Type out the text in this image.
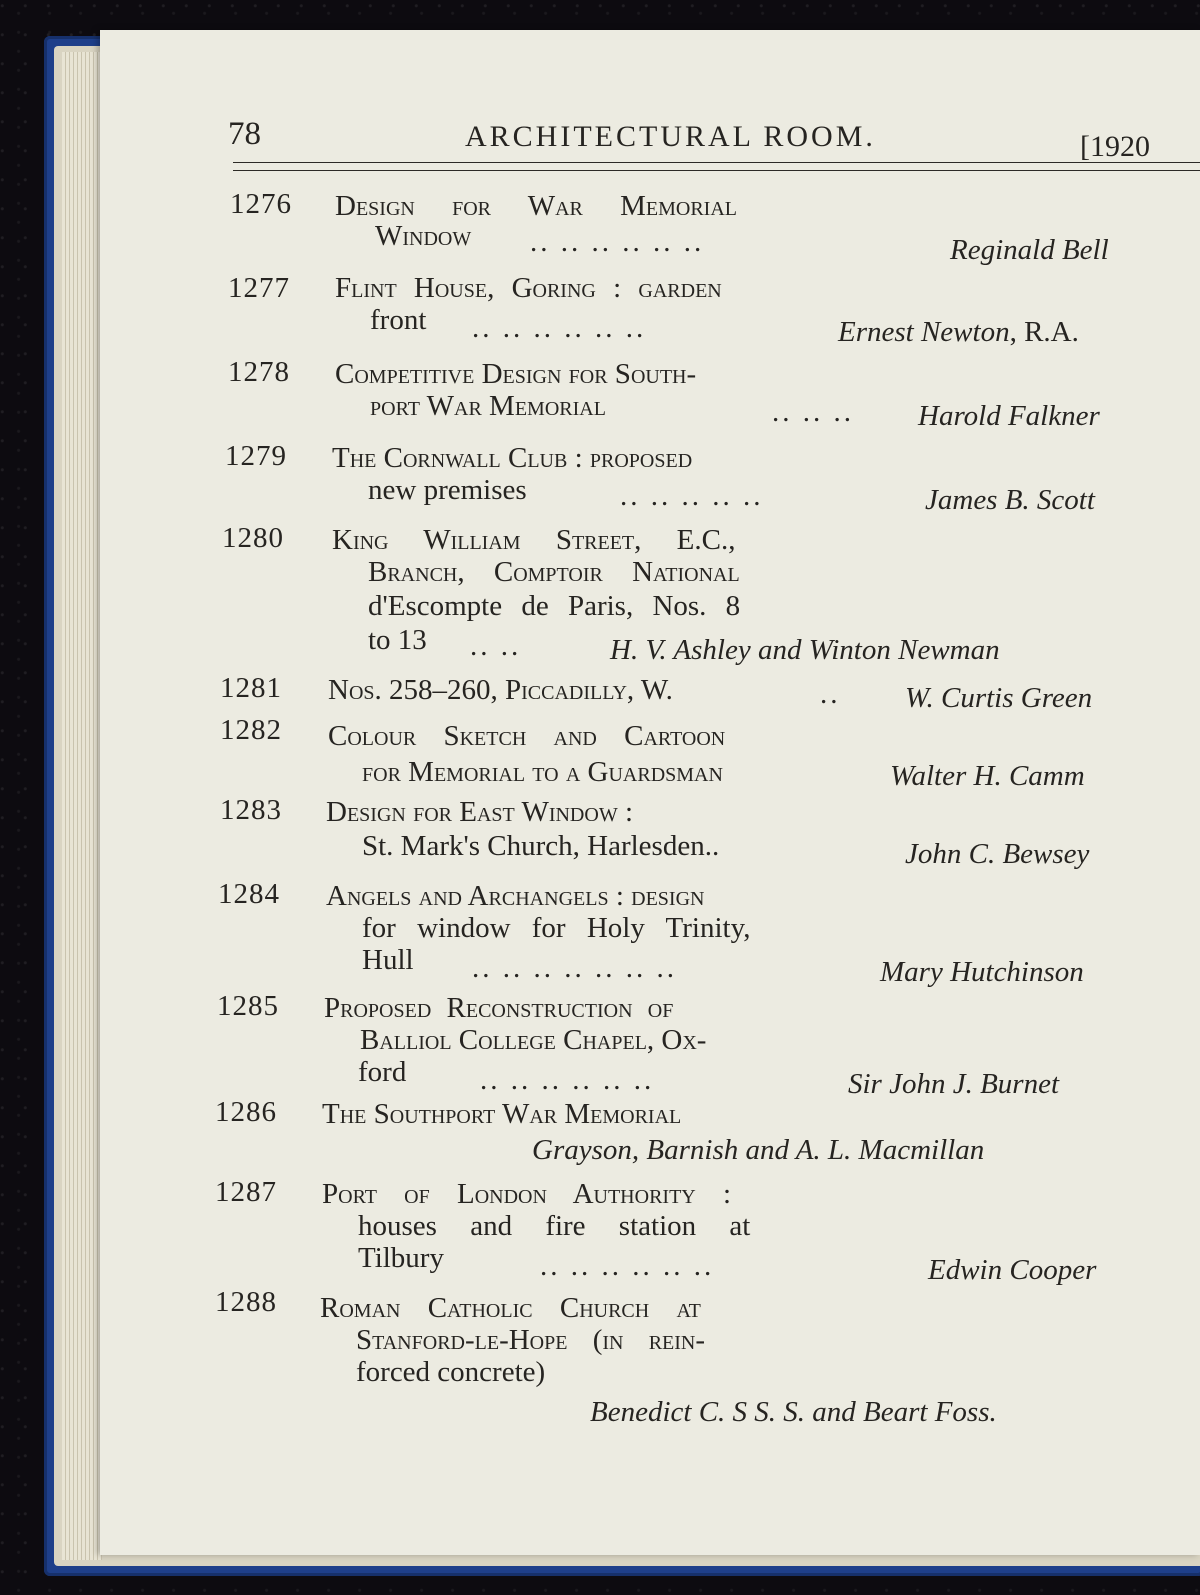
78	ARCHITECTURAL ROOM.	[1920
1276 Design for War Memorial
Window .. .. .. .. .. ..	Reginald Bell
1277 Flint House, Goring : garden
front .. .. .. .. .. ..	Ernest Newton, R.A.
1278 Competitive Design for South-
port War Memorial	.. .. .. Harold Falkner
1279 The Cornwall Club : proposed
new premises	.. .. .. .. ..	James B. Scott
1280 King William Street, E.C.,
Branch, Comptoir National
d'Escompte de Paris, Nos. 8
to 13 .. ..	H. V. Ashley and Winton Newman
1281 Nos. 258–260, Piccadilly, W.	.. W. Curtis Green
1282 Colour Sketch and Cartoon
for Memorial to a Guardsman	Walter H. Camm
1283 Design for East Window :
St. Mark's Church, Harlesden..	John C. Bewsey
1284 Angels and Archangels : design
for window for Holy Trinity,
Hull .. .. .. .. .. .. ..	Mary Hutchinson
1285 Proposed Reconstruction of
Balliol College Chapel, Ox-
ford	.. .. .. .. .. ..	Sir John J. Burnet
1286 The Southport War Memorial
Grayson, Barnish and A. L. Macmillan
1287 Port of London Authority :
houses and fire station at
Tilbury	.. .. .. .. .. ..	Edwin Cooper
1288 Roman Catholic Church at
Stanford-le-Hope (in rein-
forced concrete)
Benedict C. S S. S. and Beart Foss.
